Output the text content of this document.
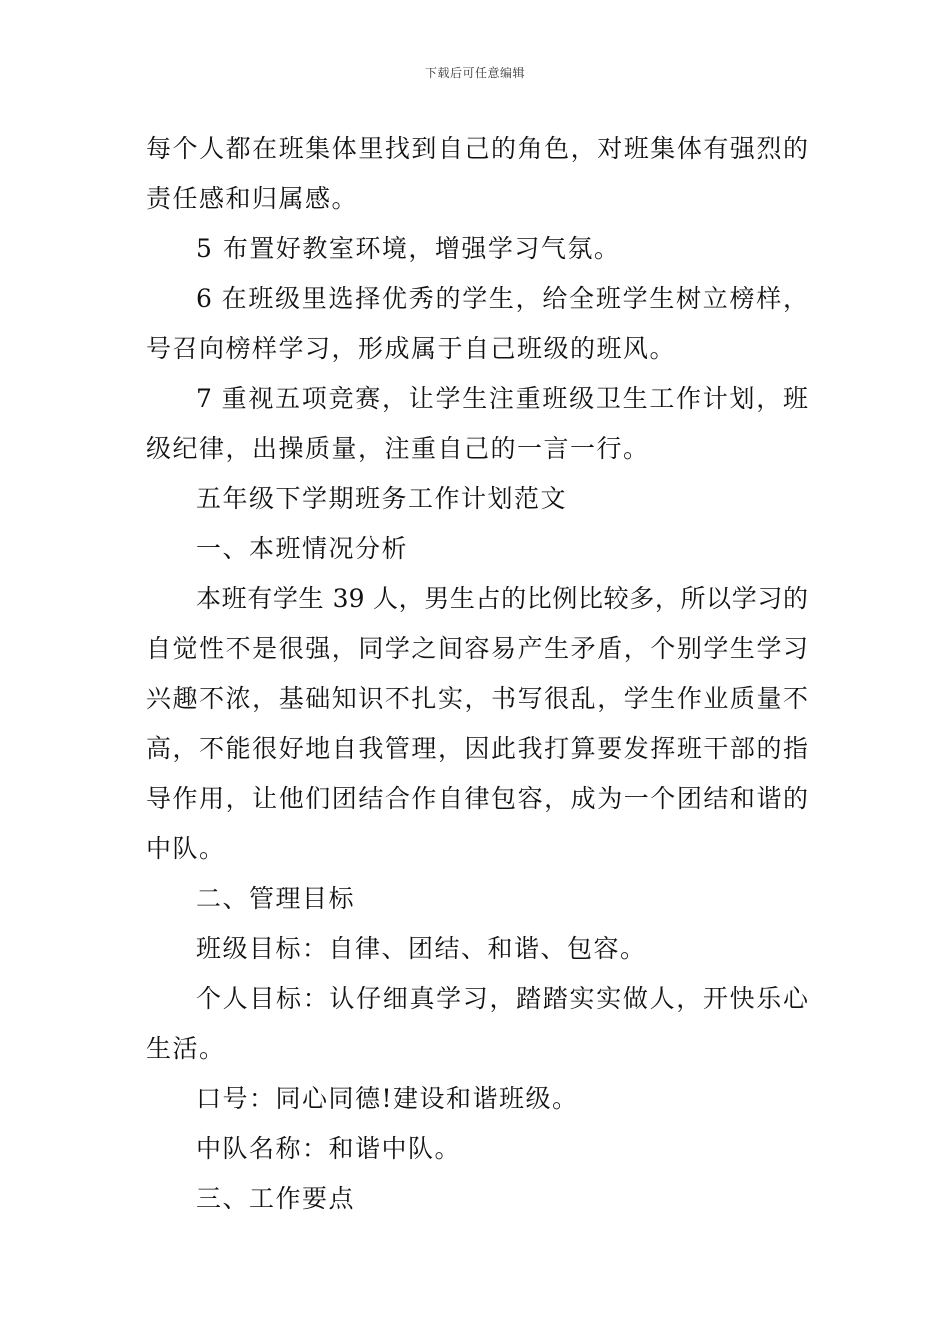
下载后可任意编辑
每个人都在班集体里找到自己的角色，对班集体有强烈的
责任感和归属感。
5 布置好教室环境，增强学习气氛。
6 在班级里选择优秀的学生，给全班学生树立榜样，
号召向榜样学习，形成属于自己班级的班风。
7 重视五项竞赛，让学生注重班级卫生工作计划，班
级纪律，出操质量，注重自己的一言一行。
五年级下学期班务工作计划范文
一、本班情况分析
本班有学生 39 人，男生占的比例比较多，所以学习的
自觉性不是很强，同学之间容易产生矛盾，个别学生学习
兴趣不浓，基础知识不扎实，书写很乱，学生作业质量不
高，不能很好地自我管理，因此我打算要发挥班干部的指
导作用，让他们团结合作自律包容，成为一个团结和谐的
中队。
二、管理目标
班级目标：自律、团结、和谐、包容。
个人目标：认仔细真学习，踏踏实实做人，开快乐心
生活。
口号：同心同德!建设和谐班级。
中队名称：和谐中队。
三、工作要点
